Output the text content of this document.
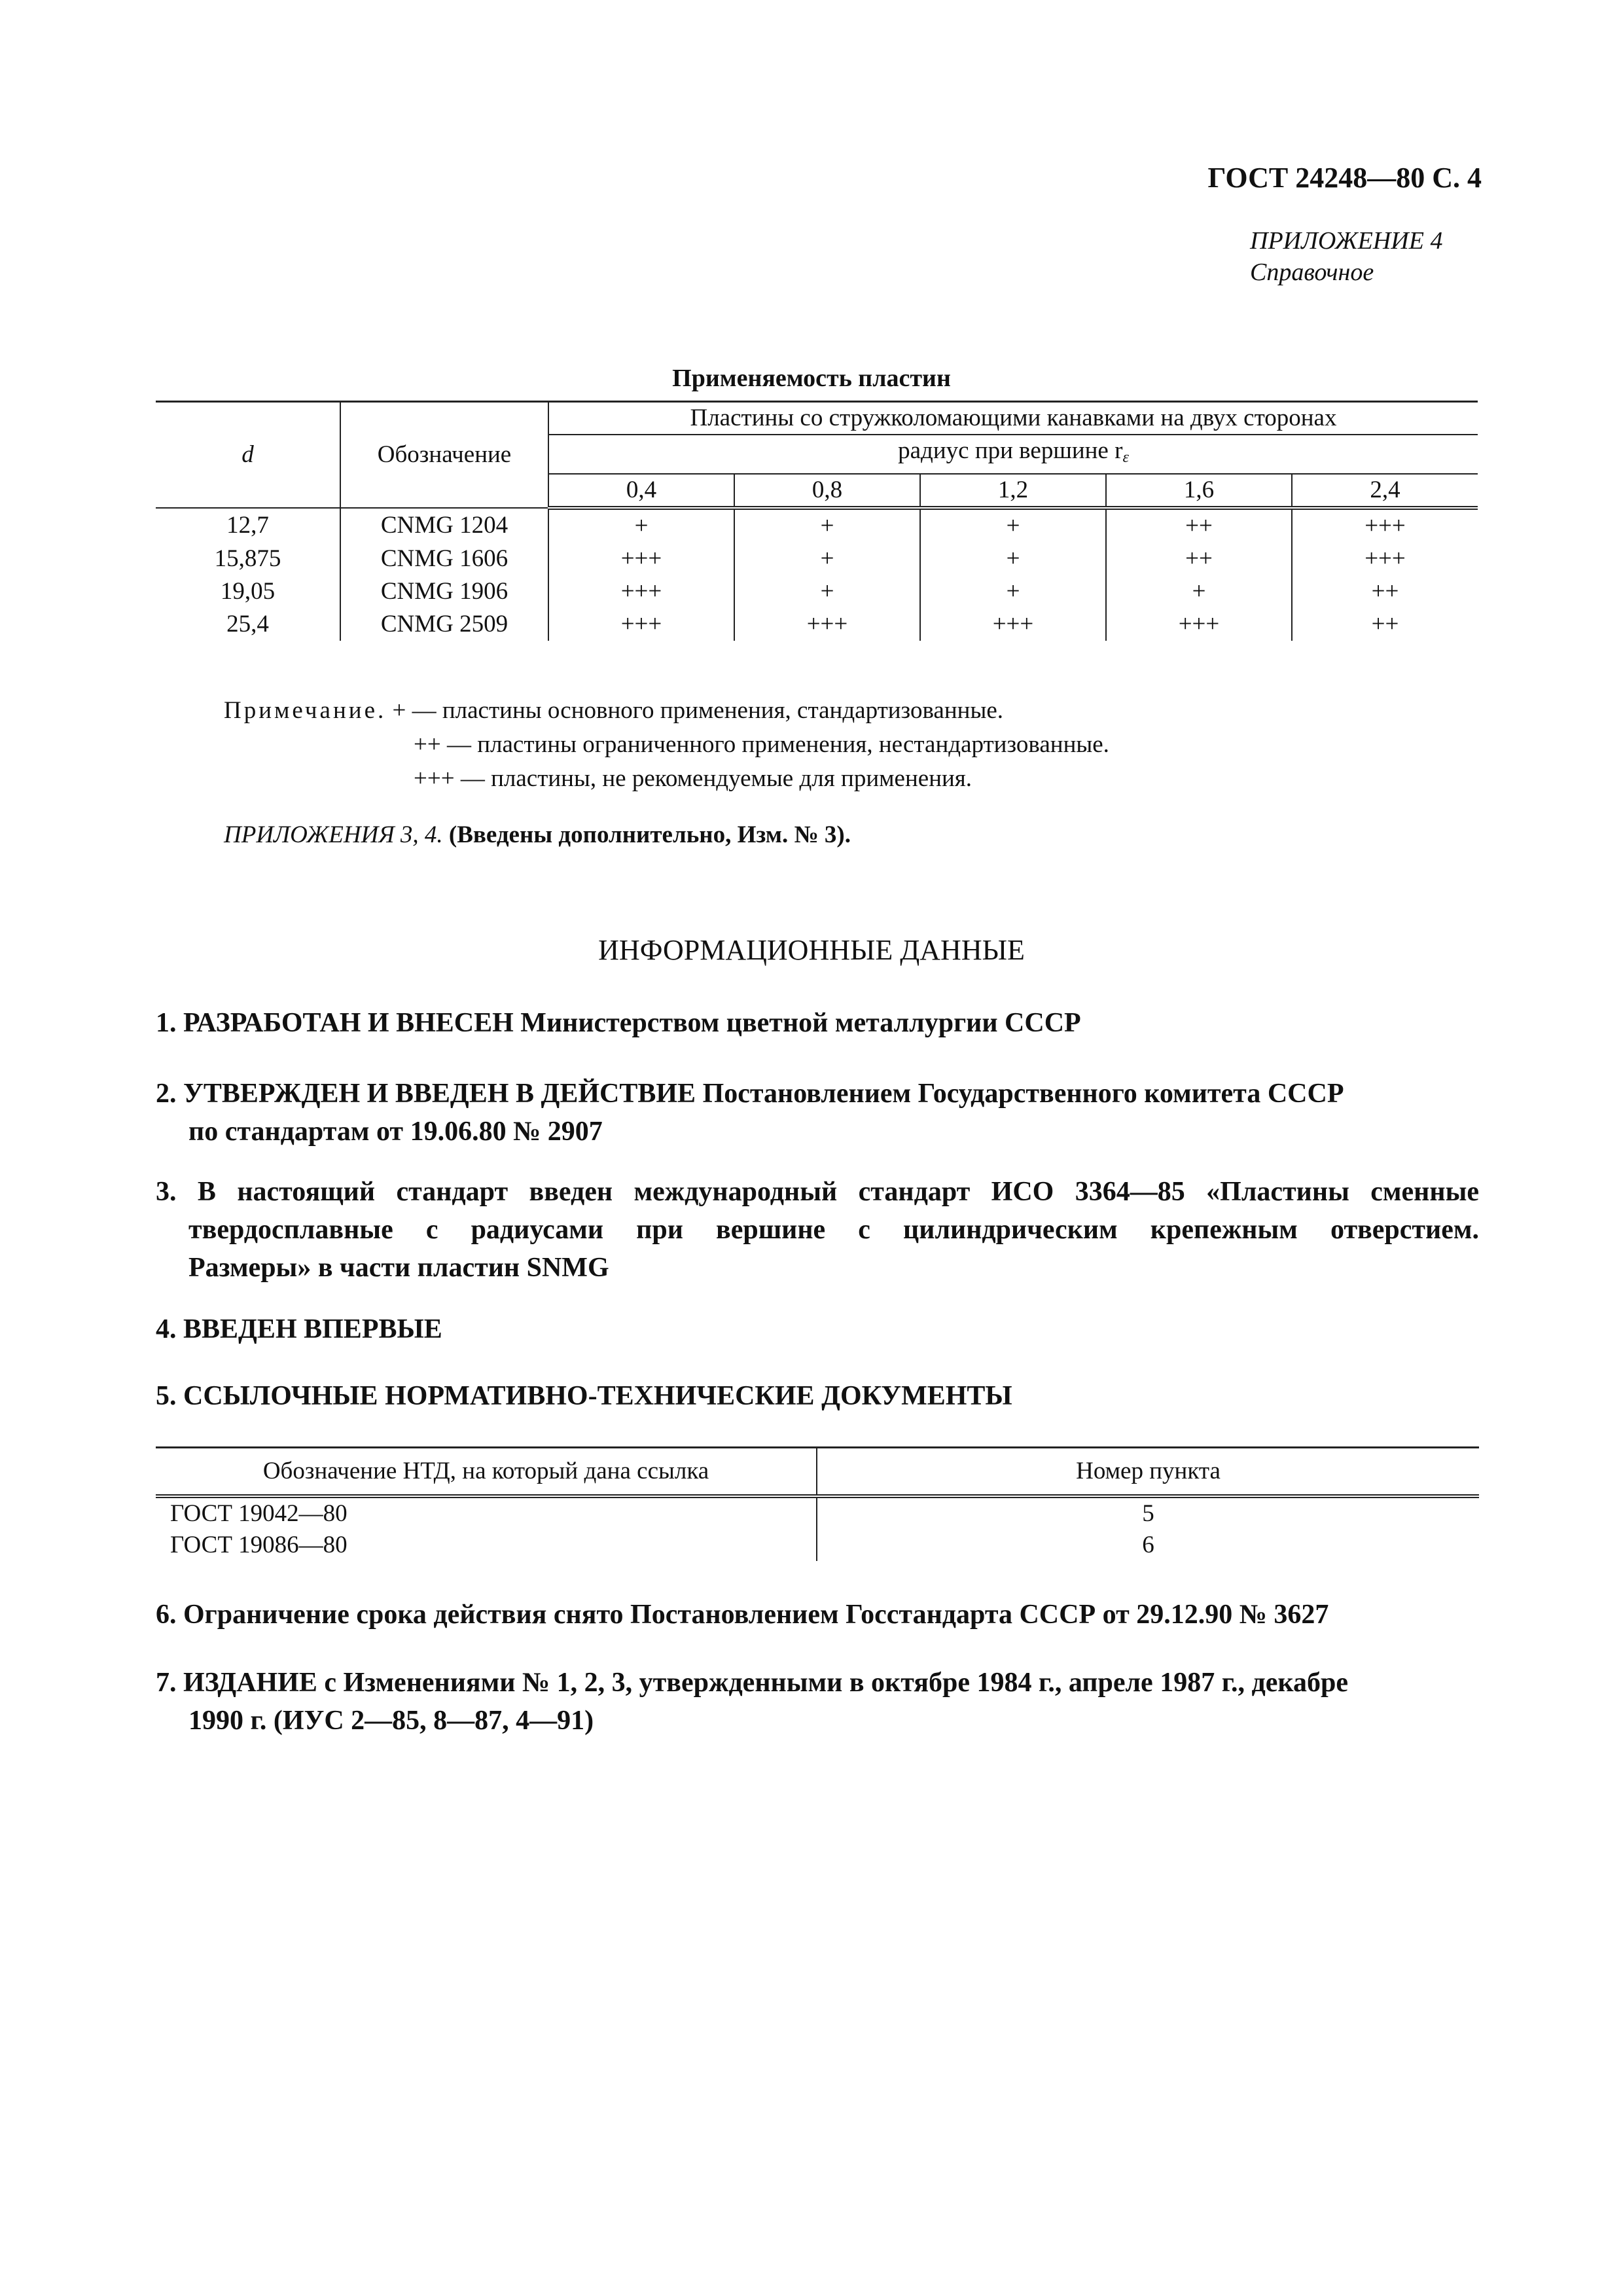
ГОСТ 24248—80 С. 4
ПРИЛОЖЕНИЕ 4
Справочное
Применяемость пластин
d	Обозначение	Пластины со стружколомающими канавками на двух сторонах				
		радиус при вершине rε				
		0,4	0,8	1,2	1,6	2,4
12,7	CNMG 1204	+	+	+	++	+++
15,875	CNMG 1606	+++	+	+	++	+++
19,05	CNMG 1906	+++	+	+	+	++
25,4	CNMG 2509	+++	+++	+++	+++	++
Примечание. + — пластины основного применения, стандартизованные.
++ — пластины ограниченного применения, нестандартизованные.
+++ — пластины, не рекомендуемые для применения.
ПРИЛОЖЕНИЯ 3, 4. (Введены дополнительно, Изм. № 3).
ИНФОРМАЦИОННЫЕ ДАННЫЕ
1. РАЗРАБОТАН И ВНЕСЕН Министерством цветной металлургии СССР
2. УТВЕРЖДЕН И ВВЕДЕН В ДЕЙСТВИЕ Постановлением Государственного комитета СССР
по стандартам от 19.06.80 № 2907
3. В настоящий стандарт введен международный стандарт ИСО 3364—85 «Пластины сменные
твердосплавные с радиусами при вершине с цилиндрическим крепежным отверстием.
Размеры» в части пластин SNMG
4. ВВЕДЕН ВПЕРВЫЕ
5. ССЫЛОЧНЫЕ НОРМАТИВНО-ТЕХНИЧЕСКИЕ ДОКУМЕНТЫ
Обозначение НТД, на который дана ссылка	Номер пункта
ГОСТ 19042—80	5
ГОСТ 19086—80	6
6. Ограничение срока действия снято Постановлением Госстандарта СССР от 29.12.90 № 3627
7. ИЗДАНИЕ с Изменениями № 1, 2, 3, утвержденными в октябре 1984 г., апреле 1987 г., декабре
1990 г. (ИУС 2—85, 8—87, 4—91)
